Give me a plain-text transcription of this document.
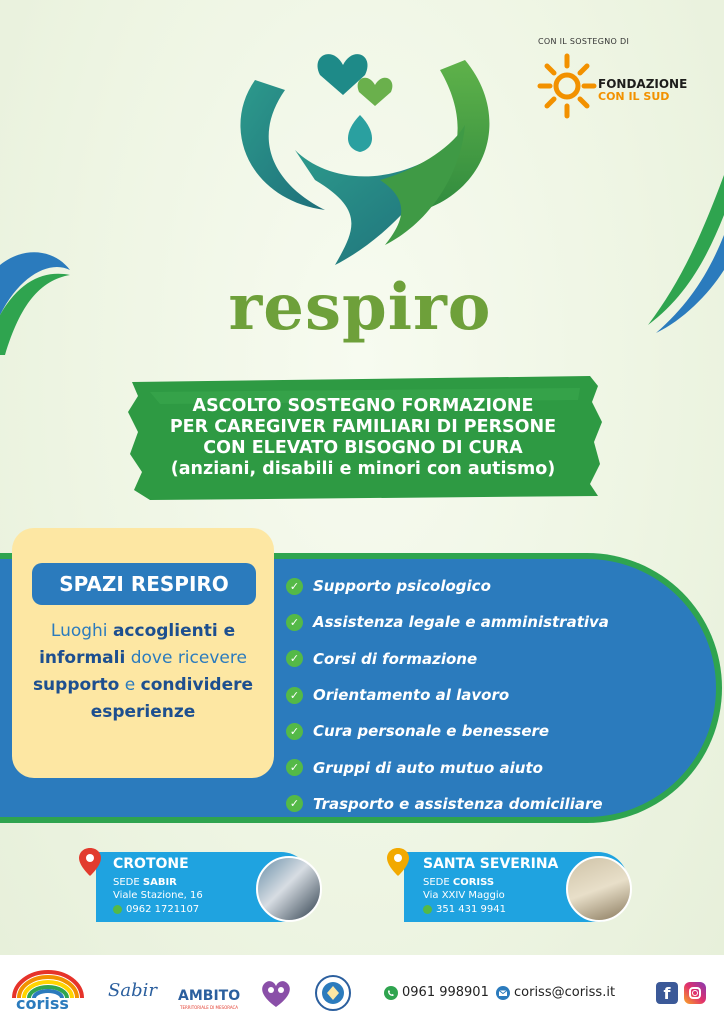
CON IL SOSTEGNO DI
FONDAZIONE
CON IL SUD
respiro
ASCOLTO SOSTEGNO FORMAZIONE
PER CAREGIVER FAMILIARI DI PERSONE
CON ELEVATO BISOGNO DI CURA
(anziani, disabili e minori con autismo)
SPAZI RESPIRO
Luoghi accoglienti e informali dove ricevere supporto e condividere esperienze
✓ Supporto psicologico
✓ Assistenza legale e amministrativa
✓ Corsi di formazione
✓ Orientamento al lavoro
✓ Cura personale e benessere
✓ Gruppi di auto mutuo aiuto
✓ Trasporto e assistenza domiciliare
CROTONE
SEDE SABIR
Viale Stazione, 16
0962 1721107
SANTA SEVERINA
SEDE CORISS
Via XXIV Maggio
351 431 9941
coriss
Sabir AMBITO
TERRITORIALE DI MESORACA
0961 998901 coriss@coriss.it	f
